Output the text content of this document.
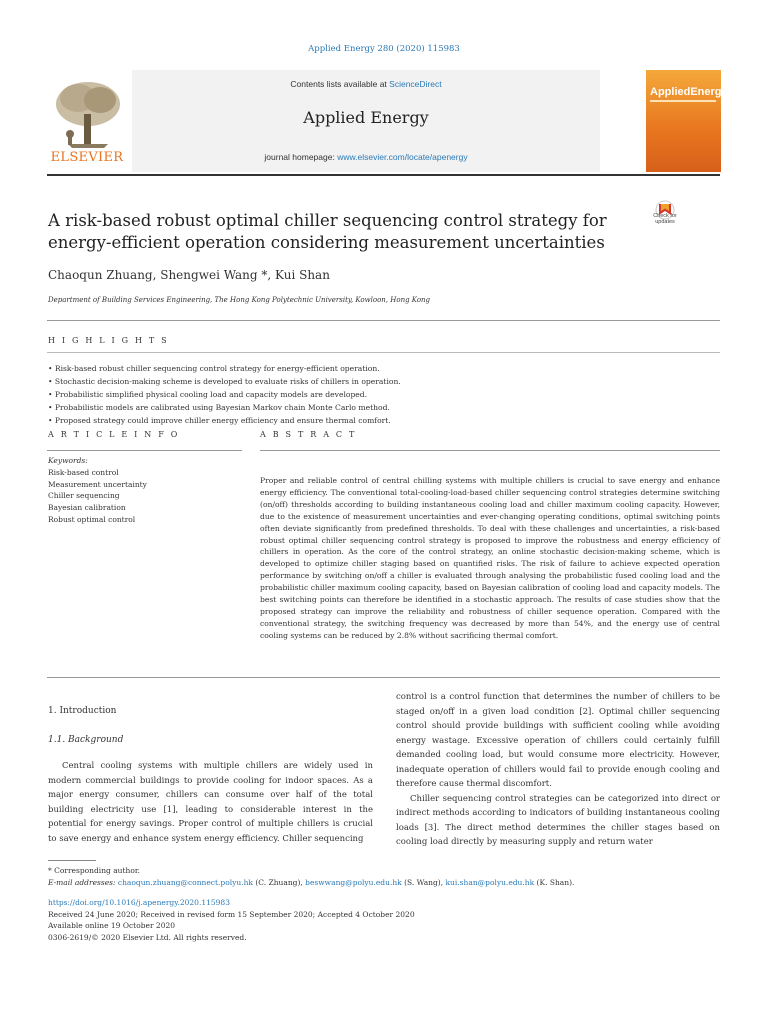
Applied Energy 280 (2020) 115983
Contents lists available at ScienceDirect
Applied Energy
journal homepage: www.elsevier.com/locate/apenergy
ELSEVIER
AppliedEnergy
Check for updates
A risk-based robust optimal chiller sequencing control strategy for energy-efficient operation considering measurement uncertainties
Chaoqun Zhuang, Shengwei Wang *, Kui Shan
Department of Building Services Engineering, The Hong Kong Polytechnic University, Kowloon, Hong Kong
H I G H L I G H T S
• Risk-based robust chiller sequencing control strategy for energy-efficient operation.
• Stochastic decision-making scheme is developed to evaluate risks of chillers in operation.
• Probabilistic simplified physical cooling load and capacity models are developed.
• Probabilistic models are calibrated using Bayesian Markov chain Monte Carlo method.
• Proposed strategy could improve chiller energy efficiency and ensure thermal comfort.
A R T I C L E I N F O	A B S T R A C T
Keywords:
Risk-based control
Measurement uncertainty
Chiller sequencing
Bayesian calibration
Robust optimal control
Proper and reliable control of central chilling systems with multiple chillers is crucial to save energy and enhance energy efficiency. The conventional total-cooling-load-based chiller sequencing control strategies determine switching (on/off) thresholds according to building instantaneous cooling load and chiller maximum cooling capacity. However, due to the existence of measurement uncertainties and ever-changing operating conditions, optimal switching points often deviate significantly from predefined thresholds. To deal with these challenges and uncertainties, a risk-based robust optimal chiller sequencing control strategy is proposed to improve the robustness and energy efficiency of chillers in operation. As the core of the control strategy, an online stochastic decision-making scheme, which is developed to optimize chiller staging based on quantified risks. The risk of failure to achieve expected operation performance by switching on/off a chiller is evaluated through analysing the probabilistic fused cooling load and the probabilistic chiller maximum cooling capacity, based on Bayesian calibration of cooling load and capacity models. The best switching points can therefore be identified in a stochastic approach. The results of case studies show that the proposed strategy can improve the reliability and robustness of chiller sequence operation. Compared with the conventional strategy, the switching frequency was decreased by more than 54%, and the energy use of central cooling systems can be reduced by 2.8% without sacrificing thermal comfort.
1. Introduction
1.1. Background

Central cooling systems with multiple chillers are widely used in modern commercial buildings to provide cooling for indoor spaces. As a major energy consumer, chillers can consume over half of the total building electricity use [1], leading to considerable interest in the potential for energy savings. Proper control of multiple chillers is crucial to save energy and enhance system energy efficiency. Chiller sequencing

control is a control function that determines the number of chillers to be staged on/off in a given load condition [2]. Optimal chiller sequencing control should provide buildings with sufficient cooling while avoiding energy wastage. Excessive operation of chillers could certainly fulfill demanded cooling load, but would consume more electricity. However, inadequate operation of chillers would fail to provide enough cooling and therefore cause thermal discomfort.

Chiller sequencing control strategies can be categorized into direct or indirect methods according to indicators of building instantaneous cooling loads [3]. The direct method determines the chiller stages based on cooling load directly by measuring supply and return water

* Corresponding author.
E-mail addresses: chaoqun.zhuang@connect.polyu.hk (C. Zhuang), beswwang@polyu.edu.hk (S. Wang), kui.shan@polyu.edu.hk (K. Shan).
https://doi.org/10.1016/j.apenergy.2020.115983
Received 24 June 2020; Received in revised form 15 September 2020; Accepted 4 October 2020
Available online 19 October 2020
0306-2619/© 2020 Elsevier Ltd. All rights reserved.
